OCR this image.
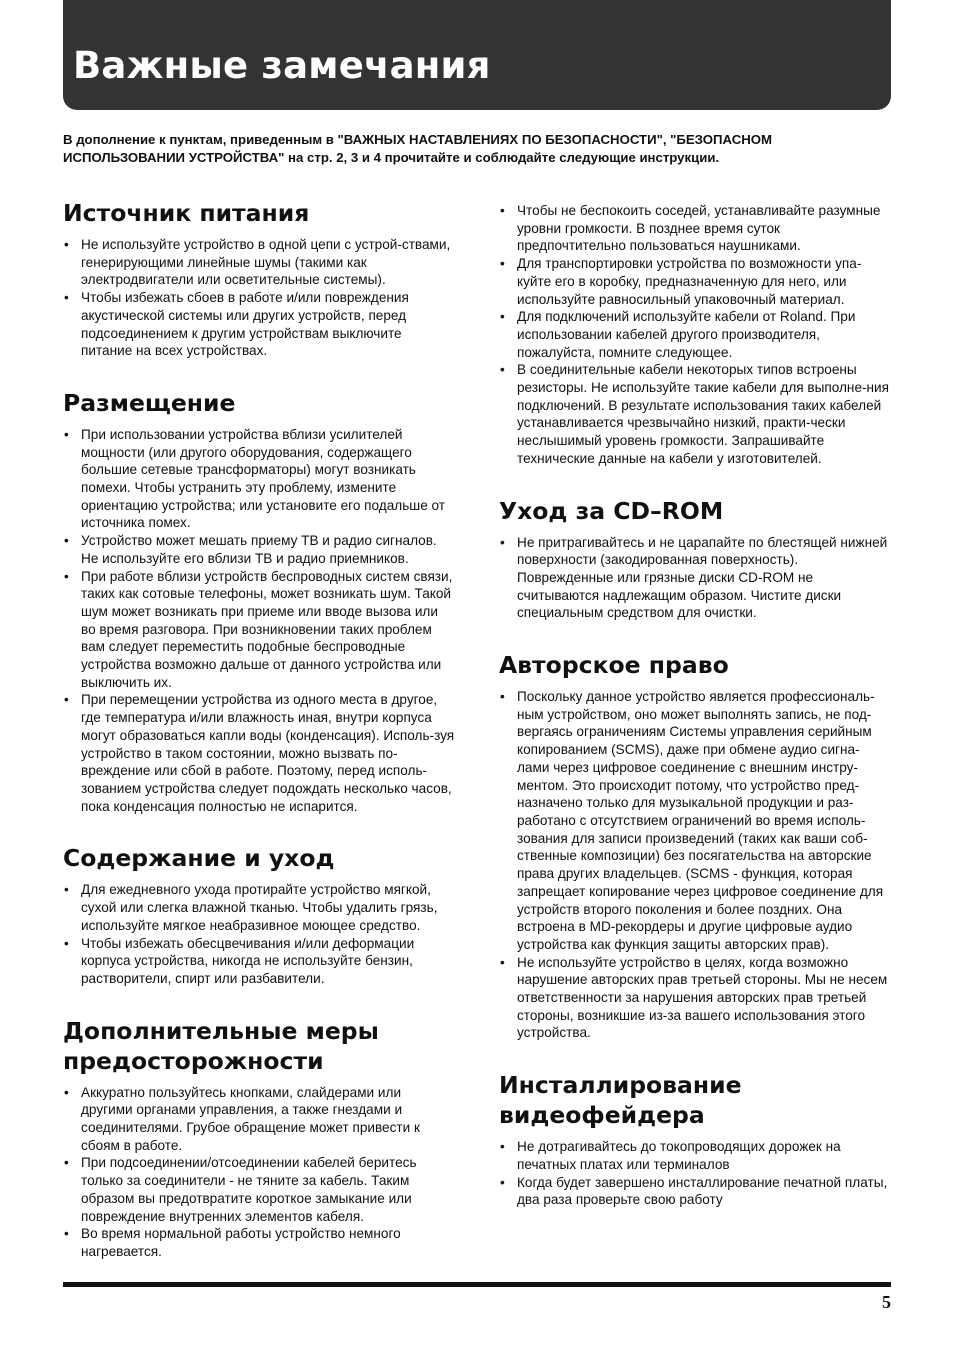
Важные замечания
В дополнение к пунктам, приведенным в "ВАЖНЫХ НАСТАВЛЕНИЯХ ПО БЕЗОПАСНОСТИ", "БЕЗОПАСНОМ ИСПОЛЬЗОВАНИИ УСТРОЙСТВА" на стр. 2, 3 и 4 прочитайте и соблюдайте следующие инструкции.
Источник питания
• Не используйте устройство в одной цепи с устрой-ствами, генерирующими линейные шумы (такими как электродвигатели или осветительные системы).
• Чтобы избежать сбоев в работе и/или повреждения акустической системы или других устройств, перед подсоединением к другим устройствам выключите питание на всех устройствах.
Размещение
• При использовании устройства вблизи усилителей мощности (или другого оборудования, содержащего большие сетевые трансформаторы) могут возникать помехи. Чтобы устранить эту проблему, измените ориентацию устройства; или установите его подальше от источника помех.
• Устройство может мешать приему ТВ и радио сигналов. Не используйте его вблизи ТВ и радио приемников.
• При работе вблизи устройств беспроводных систем связи, таких как сотовые телефоны, может возникать шум. Такой шум может возникать при приеме или вводе вызова или во время разговора. При возникновении таких проблем вам следует переместить подобные беспроводные устройства возможно дальше от данного устройства или выключить их.
• При перемещении устройства из одного места в другое, где температура и/или влажность иная, внутри корпуса могут образоваться капли воды (конденсация). Исполь-зуя устройство в таком состоянии, можно вызвать по-вреждение или сбой в работе. Поэтому, перед исполь-зованием устройства следует подождать несколько часов, пока конденсация полностью не испарится.
Содержание и уход
• Для ежедневного ухода протирайте устройство мягкой, сухой или слегка влажной тканью. Чтобы удалить грязь, используйте мягкое неабразивное моющее средство.
• Чтобы избежать обесцвечивания и/или деформации корпуса устройства, никогда не используйте бензин, растворители, спирт или разбавители.
Дополнительные меры предосторожности
• Аккуратно пользуйтесь кнопками, слайдерами или другими органами управления, а также гнездами и соединителями. Грубое обращение может привести к сбоям в работе.
• При подсоединении/отсоединении кабелей беритесь только за соединители - не тяните за кабель. Таким образом вы предотвратите короткое замыкание или повреждение внутренних элементов кабеля.
• Во время нормальной работы устройство немного нагревается.
• Чтобы не беспокоить соседей, устанавливайте разумные уровни громкости. В позднее время суток предпочтительно пользоваться наушниками.
• Для транспортировки устройства по возможности упа-куйте его в коробку, предназначенную для него, или используйте равносильный упаковочный материал.
• Для подключений используйте кабели от Roland. При использовании кабелей другого производителя, пожалуйста, помните следующее.
• В соединительные кабели некоторых типов встроены резисторы. Не используйте такие кабели для выполне-ния подключений. В результате использования таких кабелей устанавливается чрезвычайно низкий, практи-чески неслышимый уровень громкости. Запрашивайте технические данные на кабели у изготовителей.
Уход за CD–ROM
• Не притрагивайтесь и не царапайте по блестящей нижней поверхности (закодированная поверхность). Поврежденные или грязные диски CD-ROM не считываются надлежащим образом. Чистите диски специальным средством для очистки.
Авторское право
• Поскольку данное устройство является профессиональ-ным устройством, оно может выполнять запись, не под-вергаясь ограничениям Системы управления серийным копированием (SCMS), даже при обмене аудио сигна-лами через цифровое соединение с внешним инстру-ментом. Это происходит потому, что устройство пред-назначено только для музыкальной продукции и раз-работано с отсутствием ограничений во время исполь-зования для записи произведений (таких как ваши соб-ственные композиции) без посягательства на авторские права других владельцев. (SCMS - функция, которая запрещает копирование через цифровое соединение для устройств второго поколения и более поздних. Она встроена в MD-рекордеры и другие цифровые аудио устройства как функция защиты авторских прав).
• Не используйте устройство в целях, когда возможно нарушение авторских прав третьей стороны. Мы не несем ответственности за нарушения авторских прав третьей стороны, возникшие из-за вашего использования этого устройства.
Инсталлирование видеофейдера
• Не дотрагивайтесь до токопроводящих дорожек на печатных платах или терминалов
• Когда будет завершено инсталлирование печатной платы, два раза проверьте свою работу
5
